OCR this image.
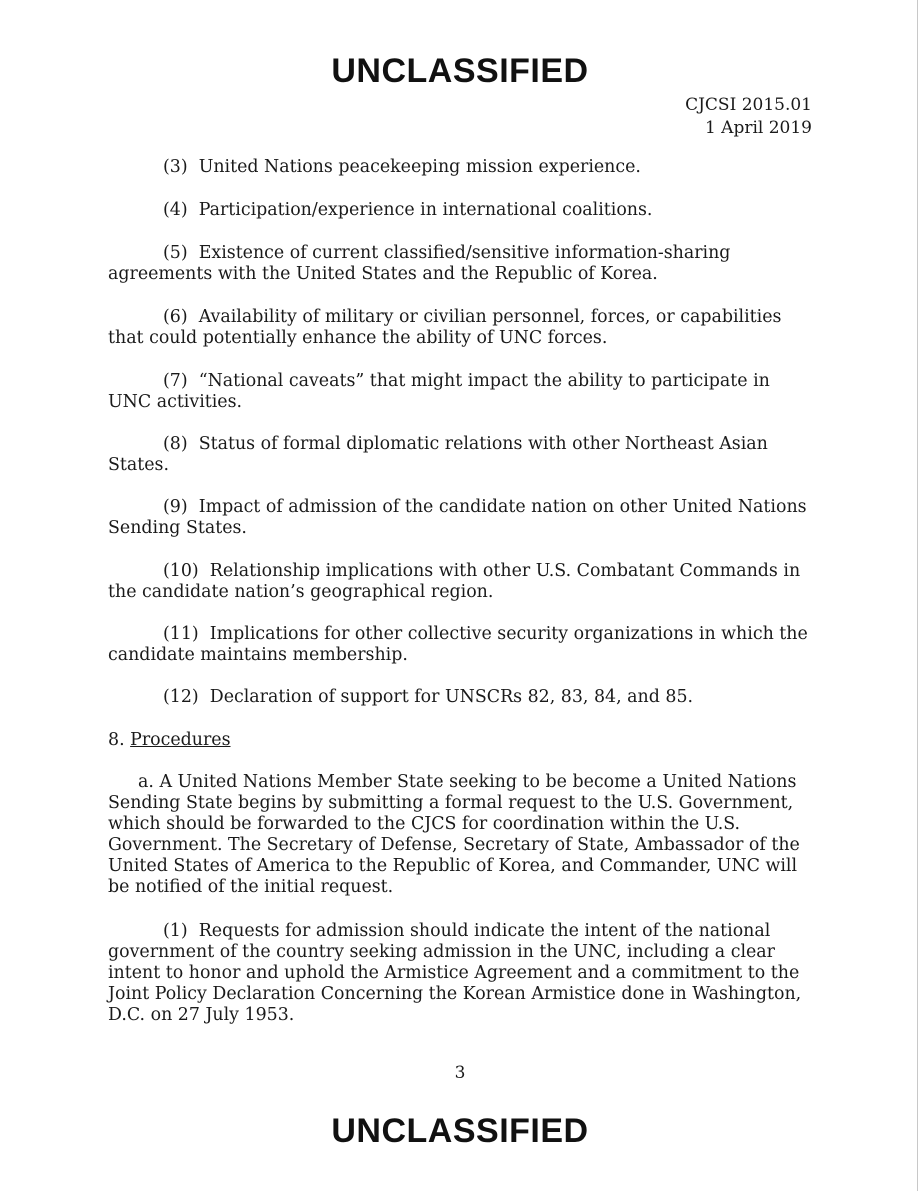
UNCLASSIFIED
CJCSI 2015.01
1 April 2019
(3) United Nations peacekeeping mission experience.
(4) Participation/experience in international coalitions.
(5) Existence of current classified/sensitive information-sharing agreements with the United States and the Republic of Korea.
(6) Availability of military or civilian personnel, forces, or capabilities that could potentially enhance the ability of UNC forces.
(7) “National caveats” that might impact the ability to participate in UNC activities.
(8) Status of formal diplomatic relations with other Northeast Asian States.
(9) Impact of admission of the candidate nation on other United Nations Sending States.
(10) Relationship implications with other U.S. Combatant Commands in the candidate nation’s geographical region.
(11) Implications for other collective security organizations in which the candidate maintains membership.
(12) Declaration of support for UNSCRs 82, 83, 84, and 85.
8. Procedures
a. A United Nations Member State seeking to be become a United Nations Sending State begins by submitting a formal request to the U.S. Government, which should be forwarded to the CJCS for coordination within the U.S. Government. The Secretary of Defense, Secretary of State, Ambassador of the United States of America to the Republic of Korea, and Commander, UNC will be notified of the initial request.
(1) Requests for admission should indicate the intent of the national government of the country seeking admission in the UNC, including a clear intent to honor and uphold the Armistice Agreement and a commitment to the Joint Policy Declaration Concerning the Korean Armistice done in Washington, D.C. on 27 July 1953.
3
UNCLASSIFIED
